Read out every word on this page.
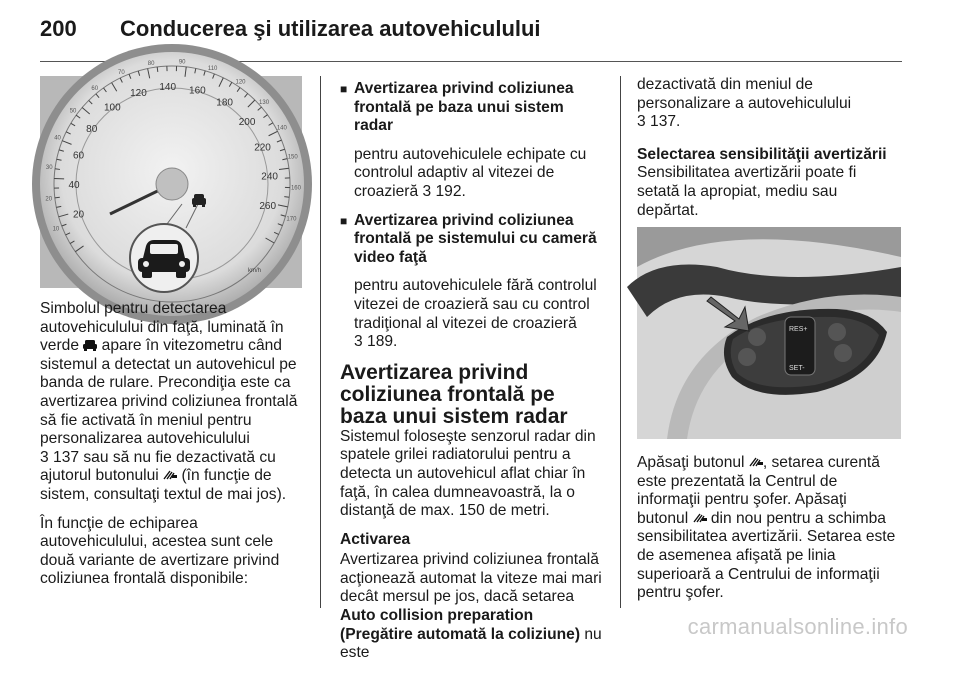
200 Conducerea şi utilizarea autovehiculului
20
40
60
80
100
120
140 160
180
200
220
240
260
10
20
30
40
50
60
70
80	90
110
120
130
140
150
160
170
km/h

Simbolul pentru detectarea autovehiculului din faţă, luminată în verde  apare în vitezometru când sistemul a detectat un autovehicul pe banda de rulare. Precondiţia este ca avertizarea privind coliziunea frontală să fie activată în meniul pentru personalizarea autovehiculului
3 137 sau să nu fie dezactivată cu ajutorul butonului  (în funcţie de sistem, consultaţi textul de mai jos).

În funcţie de echiparea autovehiculului, acestea sunt cele două variante de avertizare privind coliziunea frontală disponibile:

■ Avertizarea privind coliziunea frontală pe baza unui sistem radar

pentru autovehiculele echipate cu controlul adaptiv al vitezei de croazieră 3 192.

■ Avertizarea privind coliziunea frontală pe sistemului cu cameră video faţă

pentru autovehiculele fără controlul vitezei de croazieră sau cu control tradiţional al vitezei de croazieră
3 189.

Avertizarea privind coliziunea frontală pe baza unui sistem radar

Sistemul foloseşte senzorul radar din spatele grilei radiatorului pentru a detecta un autovehicul aflat chiar în faţă, în calea dumneavoastră, la o distanţă de max. 150 de metri.

Activarea

Avertizarea privind coliziunea frontală acţionează automat la viteze mai mari decât mersul pe jos, dacă setarea Auto collision preparation (Pregătire automată la coliziune) nu este

dezactivată din meniul de personalizare a autovehiculului
3 137.

Selectarea sensibilităţii avertizării

Sensibilitatea avertizării poate fi setată la apropiat, mediu sau depărtat.

RES+
SET-

Apăsaţi butonul , setarea curentă este prezentată la Centrul de informaţii pentru şofer. Apăsaţi butonul  din nou pentru a schimba sensibilitatea avertizării. Setarea este de asemenea afişată pe linia superioară a Centrului de informaţii pentru şofer.

carmanualsonline.info
